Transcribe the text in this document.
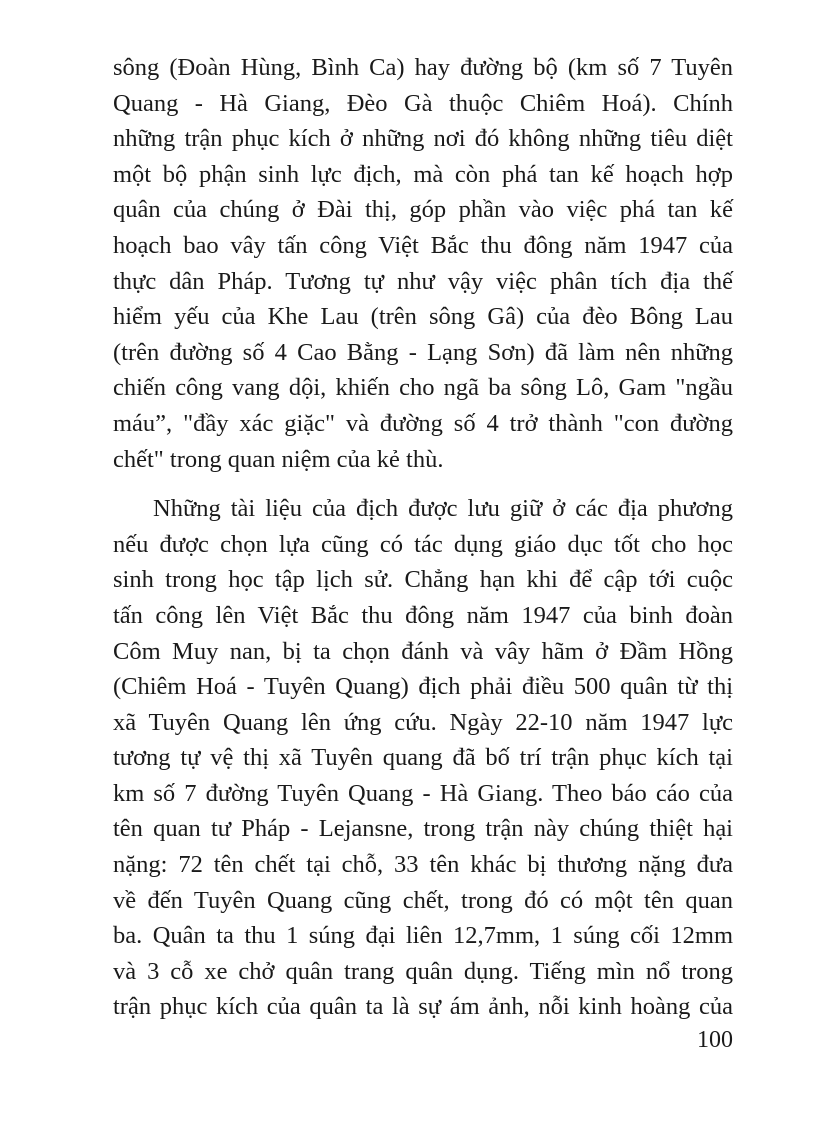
sông (Đoàn Hùng, Bình Ca) hay đường bộ (km số 7 Tuyên
Quang - Hà Giang, Đèo Gà thuộc Chiêm Hoá). Chính
những trận phục kích ở những nơi đó không những tiêu diệt
một bộ phận sinh lực địch, mà còn phá tan kế hoạch hợp
quân của chúng ở Đài thị, góp phần vào việc phá tan kế
hoạch bao vây tấn công Việt Bắc thu đông năm 1947 của
thực dân Pháp. Tương tự như vậy việc phân tích địa thế
hiểm yếu của Khe Lau (trên sông Gâ) của đèo Bông Lau
(trên đường số 4 Cao Bằng - Lạng Sơn) đã làm nên những
chiến công vang dội, khiến cho ngã ba sông Lô, Gam "ngầu
máu”, "đầy xác giặc" và đường số 4 trở thành "con đường
chết" trong quan niệm của kẻ thù.
Những tài liệu của địch được lưu giữ ở các địa phương
nếu được chọn lựa cũng có tác dụng giáo dục tốt cho học
sinh trong học tập lịch sử. Chẳng hạn khi để cập tới cuộc
tấn công lên Việt Bắc thu đông năm 1947 của binh đoàn
Côm Muy nan, bị ta chọn đánh và vây hãm ở Đầm Hồng
(Chiêm Hoá - Tuyên Quang) địch phải điều 500 quân từ thị
xã Tuyên Quang lên ứng cứu. Ngày 22-10 năm 1947 lực
tương tự vệ thị xã Tuyên quang đã bố trí trận phục kích tại
km số 7 đường Tuyên Quang - Hà Giang. Theo báo cáo của
tên quan tư Pháp - Lejansne, trong trận này chúng thiệt hại
nặng: 72 tên chết tại chỗ, 33 tên khác bị thương nặng đưa
về đến Tuyên Quang cũng chết, trong đó có một tên quan
ba. Quân ta thu 1 súng đại liên 12,7mm, 1 súng cối 12mm
và 3 cỗ xe chở quân trang quân dụng. Tiếng mìn nổ trong
trận phục kích của quân ta là sự ám ảnh, nỗi kinh hoàng của
100
